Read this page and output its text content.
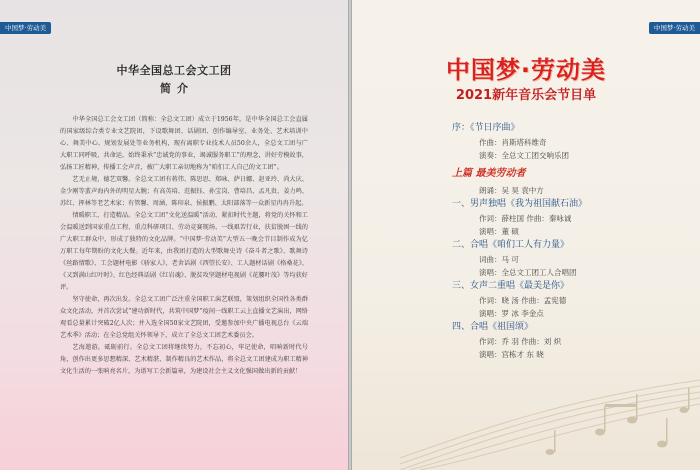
中国梦·劳动美
中华全国总工会文工团
简介

中华全国总工会文工团（简称：全总文工团）成立于1956年，是中华全国总工会直属的国家级综合类专业文艺院团，下设歌舞团、话剧团、创作编导室、业务处、艺术培训中心、舞美中心、规划发展处等业务机构，现有离职专业技术人员50余人，全总文工团与广大职工同呼吸、共命运，始终秉承“忠诚党的事业，竭诚服务职工”的理念，讲好劳模故事，弘扬工匠精神，传播工会声音，被广大职工亲切地称为“咱们工人自己的文工团”。

艺无止境，德艺双馨。全总文工团有蒋伟、陈思思、郑咏、萨日娜、赵亚玲、尚大庆、金少刚等蜚声海内外的明星大腕；有高英培、范振钰、孙宝岗、曹培昌、孟凡贵、姜力鸣、苏红、挥林等老艺术家；有管馨、周涵、陈印泉、侯振鹏、太阳部落等一众新星冉冉升起。

情暖职工，打造精品。全总文工团“文化送温暖”活动、紧扣时代主题，将党的关怀和工会温暖送到国家重点工程、重点科研项目、劳动竞赛现场、一线艰苦行业，扶贫脱困一线的广大职工群众中，形成了独特的文化品牌。“中国梦·劳动美”大型五一晚会节目制作成为亿万职工每年期盼的文化大餐。近年来，由我团打造的大型歌舞史诗《奋斗者之歌》、歌舞诗《丝路情歌》、工会题材电影《骄家人》、老舍话剧《西望长安》、工人题材话剧《格桑花》、《又到满山红叶时》、红色经典话剧《红岩魂》、脱贫攻坚题材电视剧《花腰叶茂》等均获好评。

坚守使命，再次出发。全总文工团广泛注重全国职工演艺联盟，策划组织全国性各类群众文化活动，并首次尝试“建功新时代，共筑中国梦”疫间一线职工云上直播文艺演出，网络观看总量累计突破2亿人次；并入选全国50家文艺院团，受邀参加中央广播电视总台《云端艺术季》活动；在全总党组关怀领导下，成立了全总文工团艺术委员会。

艺海遨游，砥砺前行。全总文工团将继续努力，不忘初心，牢记使命，唱响新时代号角，创作出更多思想精深、艺术精湛、制作精良的艺术作品，将全总文工团建成为职工精神文化生活的一张响亮名片，为谱写工会新篇章，为建设社会主义文化强国做出新的贡献！

中国梦·劳动美
中国梦·劳动美
2021新年音乐会节目单
序：《节日序曲》
作曲：肖斯塔科维奇
演奏：全总文工团交响乐团
上篇 最美劳动者
朗诵：吴 昊 袁中方
一、男声独唱《我为祖国献石油》
作词：薛柱国 作曲：秦咏诚
演唱：董 硕
二、合唱《咱们工人有力量》
词曲：马 可
演唱：全总文工团工人合唱团
三、女声二重唱《最美是你》
作词：晓 汤 作曲：孟宪德
演唱：罗 冰 李金点
四、合唱《祖国颂》
作词：乔 羽 作曲：刘 炽
演唱：宫栋才 东 晓
